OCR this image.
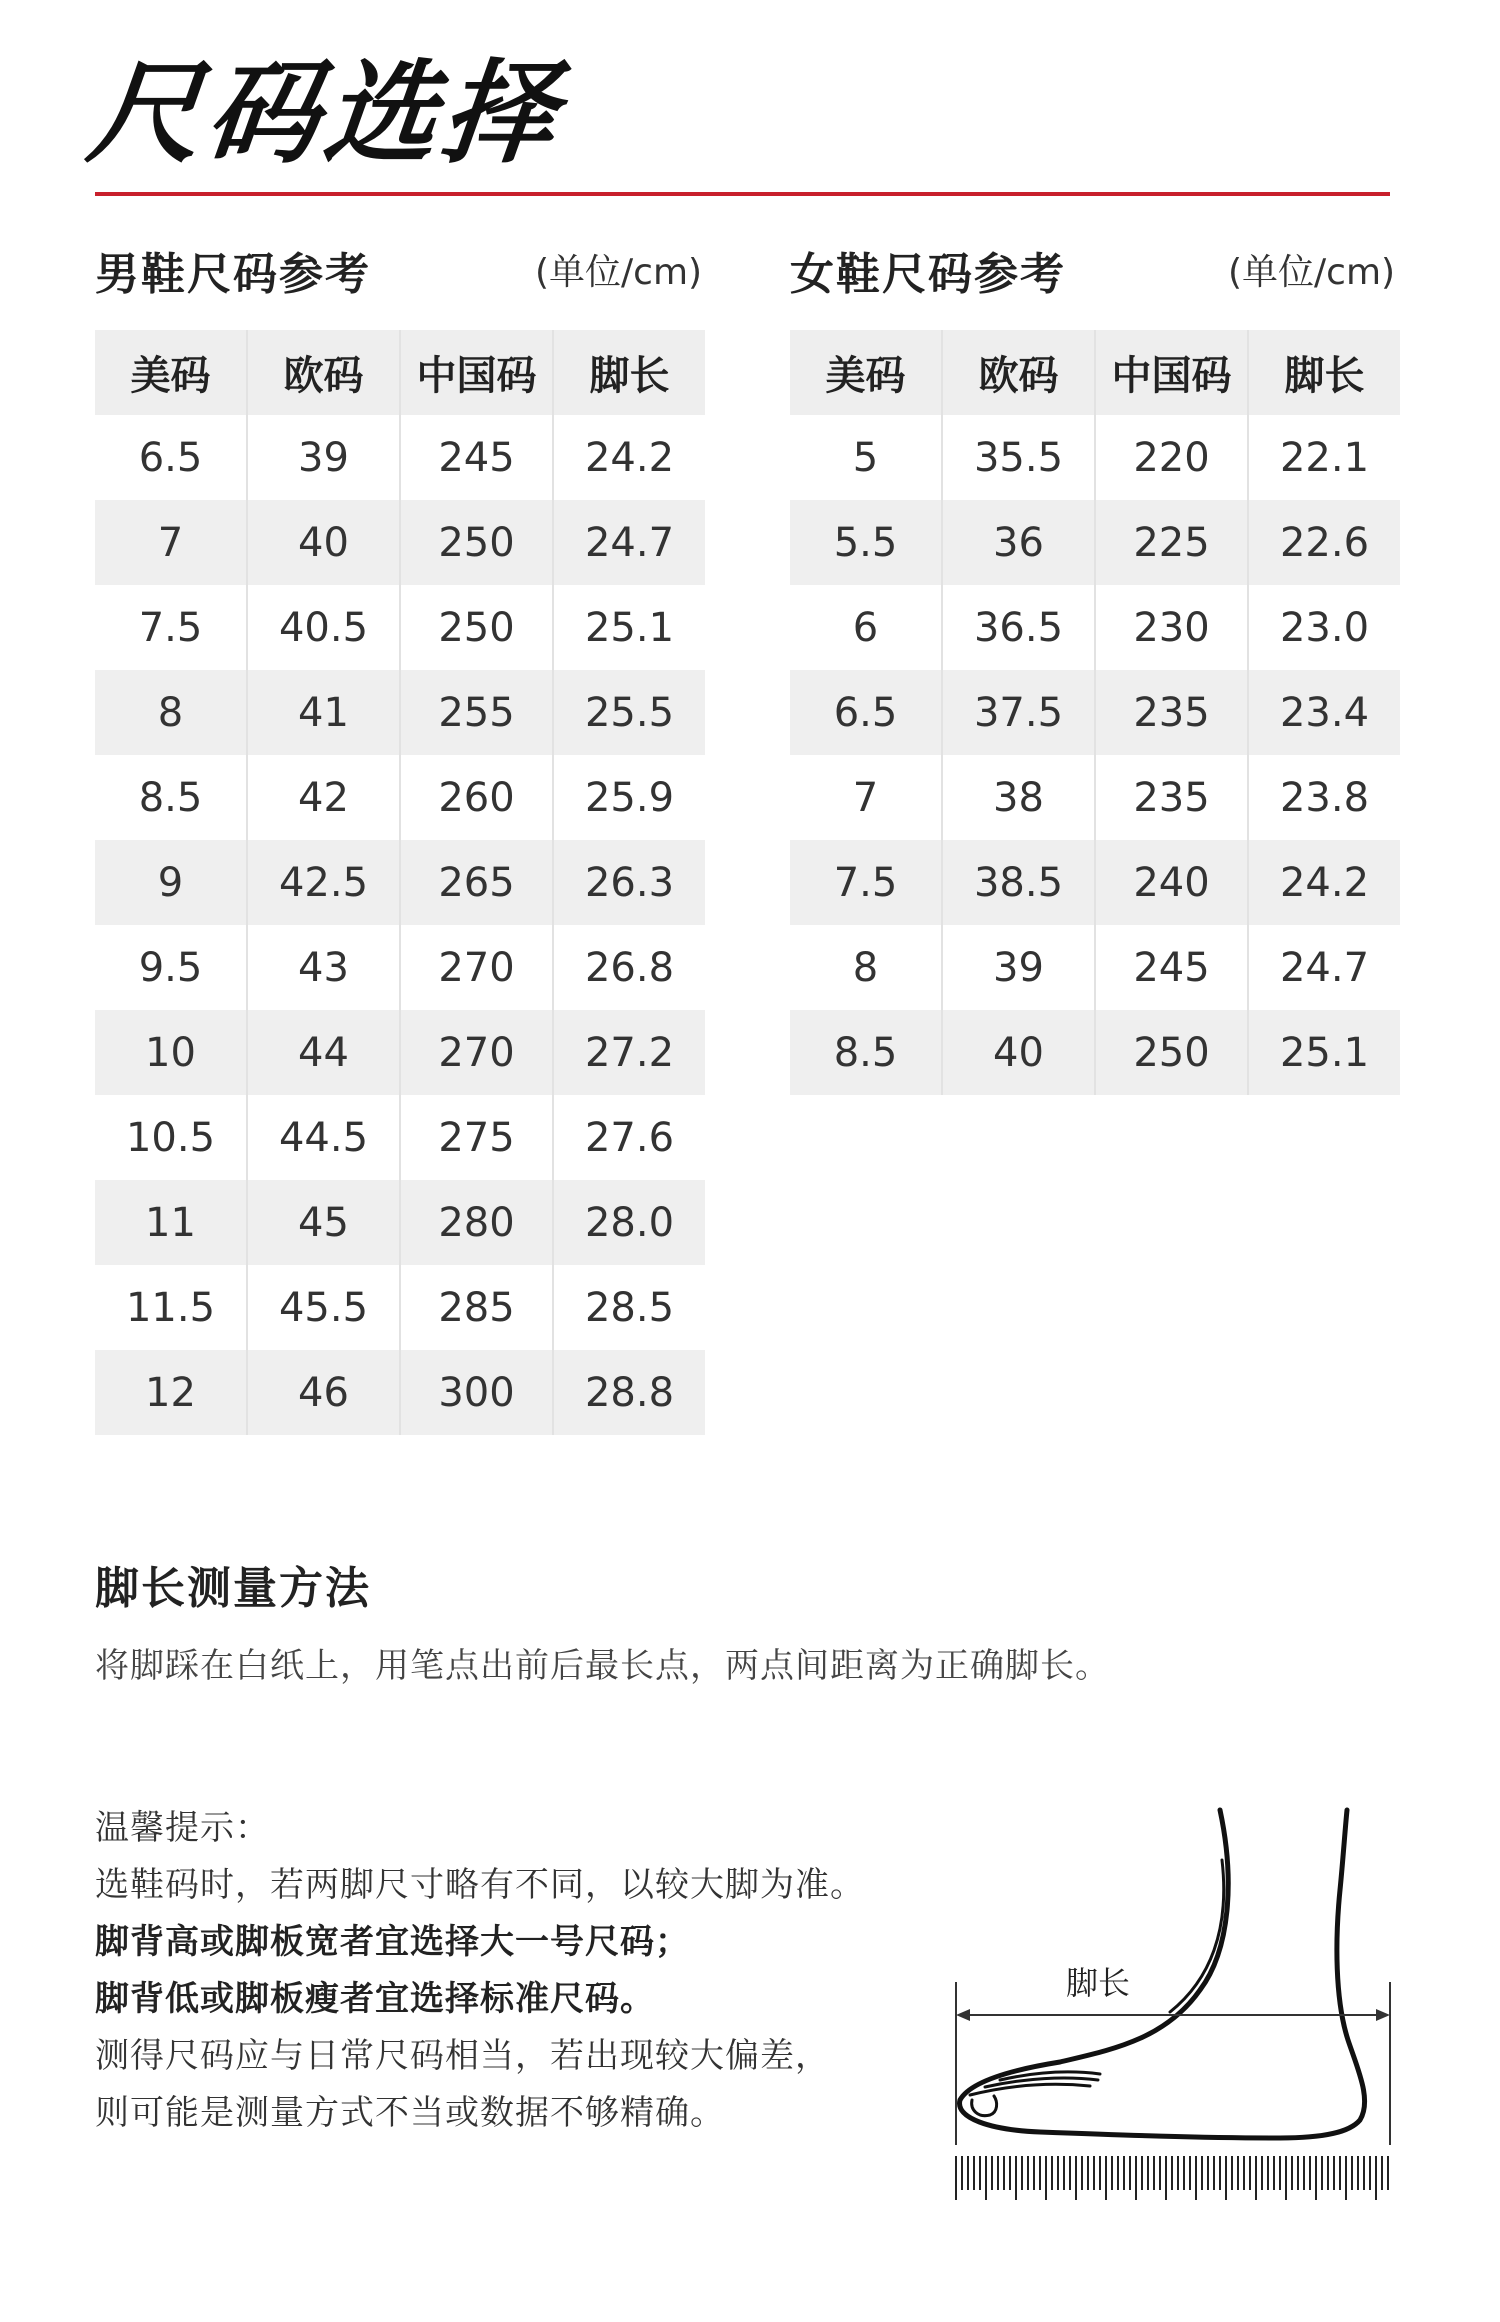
尺码选择
男鞋尺码参考	(单位/cm)
美码	欧码	中国码	脚长
6.5	39	245	24.2
7	40	250	24.7
7.5	40.5	250	25.1
8	41	255	25.5
8.5	42	260	25.9
9	42.5	265	26.3
9.5	43	270	26.8
10	44	270	27.2
10.5	44.5	275	27.6
11	45	280	28.0
11.5	45.5	285	28.5
12	46	300	28.8
女鞋尺码参考	(单位/cm)
美码	欧码	中国码	脚长
5	35.5	220	22.1
5.5	36	225	22.6
6	36.5	230	23.0
6.5	37.5	235	23.4
7	38	235	23.8
7.5	38.5	240	24.2
8	39	245	24.7
8.5	40	250	25.1
脚长测量方法
将脚踩在白纸上，用笔点出前后最长点，两点间距离为正确脚长。
温馨提示：
选鞋码时，若两脚尺寸略有不同，以较大脚为准。
脚背高或脚板宽者宜选择大一号尺码；
脚背低或脚板瘦者宜选择标准尺码。
测得尺码应与日常尺码相当，若出现较大偏差，
则可能是测量方式不当或数据不够精确。
脚长
